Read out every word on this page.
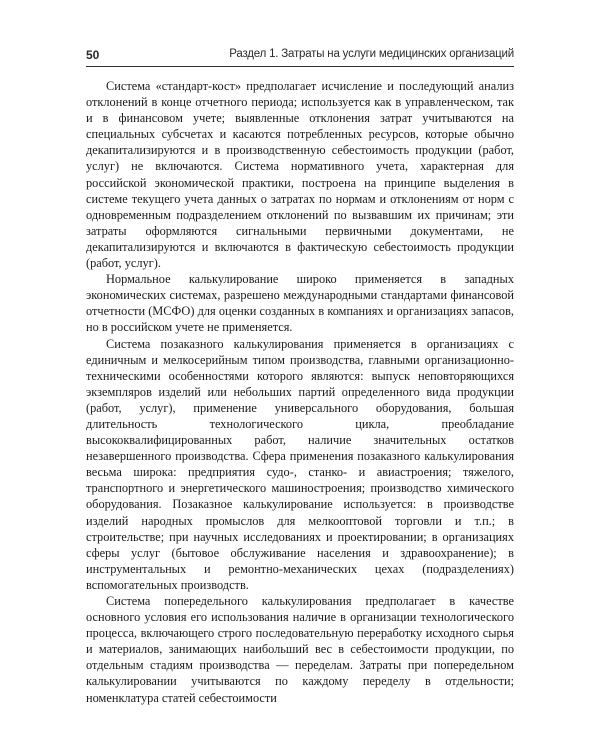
50	Раздел 1. Затраты на услуги медицинских организаций

Система «стандарт-кост» предполагает исчисление и последующий анализ отклонений в конце отчетного периода; используется как в управленческом, так и в финансовом учете; выявленные отклонения затрат учитываются на специальных субсчетах и касаются потребленных ресурсов, которые обычно декапитализируются и в производственную себестоимость продукции (работ, услуг) не включаются. Система нормативного учета, характерная для российской экономической практики, построена на принципе выделения в системе текущего учета данных о затратах по нормам и отклонениям от норм с одновременным подразделением отклонений по вызвавшим их причинам; эти затраты оформляются сигнальными первичными документами, не декапитализируются и включаются в фактическую себестоимость продукции (работ, услуг).

Нормальное калькулирование широко применяется в западных экономических системах, разрешено международными стандартами финансовой отчетности (МСФО) для оценки созданных в компаниях и организациях запасов, но в российском учете не применяется.

Система позаказного калькулирования применяется в организациях с единичным и мелкосерийным типом производства, главными организационно-техническими особенностями которого являются: выпуск неповторяющихся экземпляров изделий или небольших партий определенного вида продукции (работ, услуг), применение универсального оборудования, большая длительность технологического цикла, преобладание высококвалифицированных работ, наличие значительных остатков незавершенного производства. Сфера применения позаказного калькулирования весьма широка: предприятия судо-, станко- и авиастроения; тяжелого, транспортного и энергетического машиностроения; производство химического оборудования. Позаказное калькулирование используется: в производстве изделий народных промыслов для мелкооптовой торговли и т.п.; в строительстве; при научных исследованиях и проектировании; в организациях сферы услуг (бытовое обслуживание населения и здравоохранение); в инструментальных и ремонтно-механических цехах (подразделениях) вспомогательных производств.

Система попередельного калькулирования предполагает в качестве основного условия его использования наличие в организации технологического процесса, включающего строго последовательную переработку исходного сырья и материалов, занимающих наибольший вес в себестоимости продукции, по отдельным стадиям производства — переделам. Затраты при попередельном калькулировании учитываются по каждому переделу в отдельности; номенклатура статей себестоимости
